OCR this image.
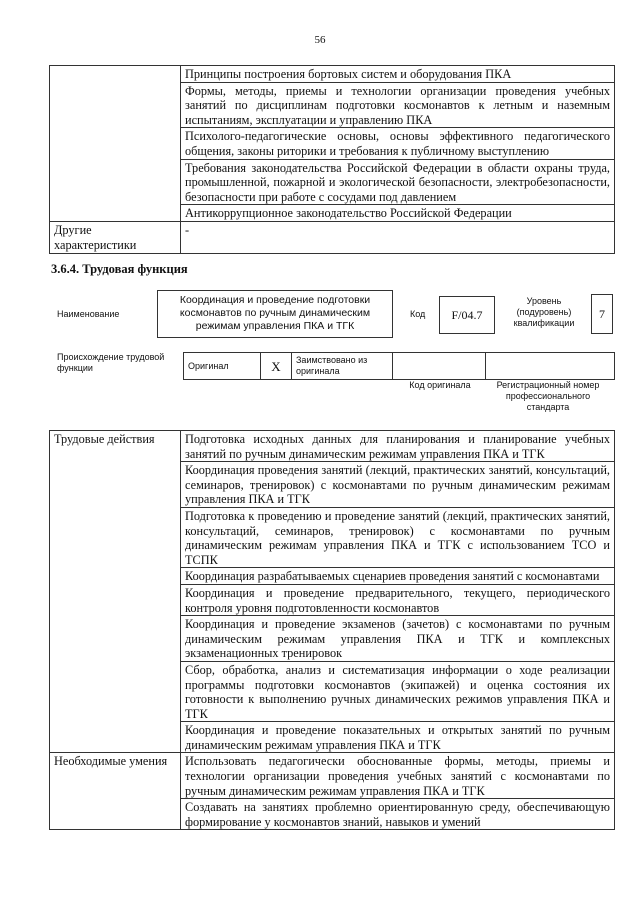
56
	Принципы построения бортовых систем и оборудования ПКА
	Формы, методы, приемы и технологии организации проведения учебных занятий по дисциплинам подготовки космонавтов к летным и наземным испытаниям, эксплуатации и управлению ПКА
	Психолого-педагогические основы, основы эффективного педагогического общения, законы риторики и требования к публичному выступлению
	Требования законодательства Российской Федерации в области охраны труда, промышленной, пожарной и экологической безопасности, электробезопасности, безопасности при работе с сосудами под давлением
	Антикоррупционное законодательство Российской Федерации
Другие характеристики	-
3.6.4. Трудовая функция
Наименование
Координация и проведение подготовки космонавтов по ручным динамическим режимам управления ПКА и ТГК
Код	F/04.7
Уровень (подуровень) квалификации
7
Происхождение трудовой функции	Оригинал	X	Заимствовано из оригинала		
Код оригинала	Регистрационный номер профессионального стандарта
Трудовые действия	Подготовка исходных данных для планирования и планирование учебных занятий по ручным динамическим режимам управления ПКА и ТГК
	Координация проведения занятий (лекций, практических занятий, консультаций, семинаров, тренировок) с космонавтами по ручным динамическим режимам управления ПКА и ТГК
	Подготовка к проведению и проведение занятий (лекций, практических занятий, консультаций, семинаров, тренировок) с космонавтами по ручным динамическим режимам управления ПКА и ТГК с использованием ТСО и ТСПК
	Координация разрабатываемых сценариев проведения занятий с космонавтами
	Координация и проведение предварительного, текущего, периодического контроля уровня подготовленности космонавтов
	Координация и проведение экзаменов (зачетов) с космонавтами по ручным динамическим режимам управления ПКА и ТГК и комплексных экзаменационных тренировок
	Сбор, обработка, анализ и систематизация информации о ходе реализации программы подготовки космонавтов (экипажей) и оценка состояния их готовности к выполнению ручных динамических режимов управления ПКА и ТГК
	Координация и проведение показательных и открытых занятий по ручным динамическим режимам управления ПКА и ТГК
Необходимые умения	Использовать педагогически обоснованные формы, методы, приемы и технологии организации проведения учебных занятий с космонавтами по ручным динамическим режимам управления ПКА и ТГК
	Создавать на занятиях проблемно ориентированную среду, обеспечивающую формирование у космонавтов знаний, навыков и умений
